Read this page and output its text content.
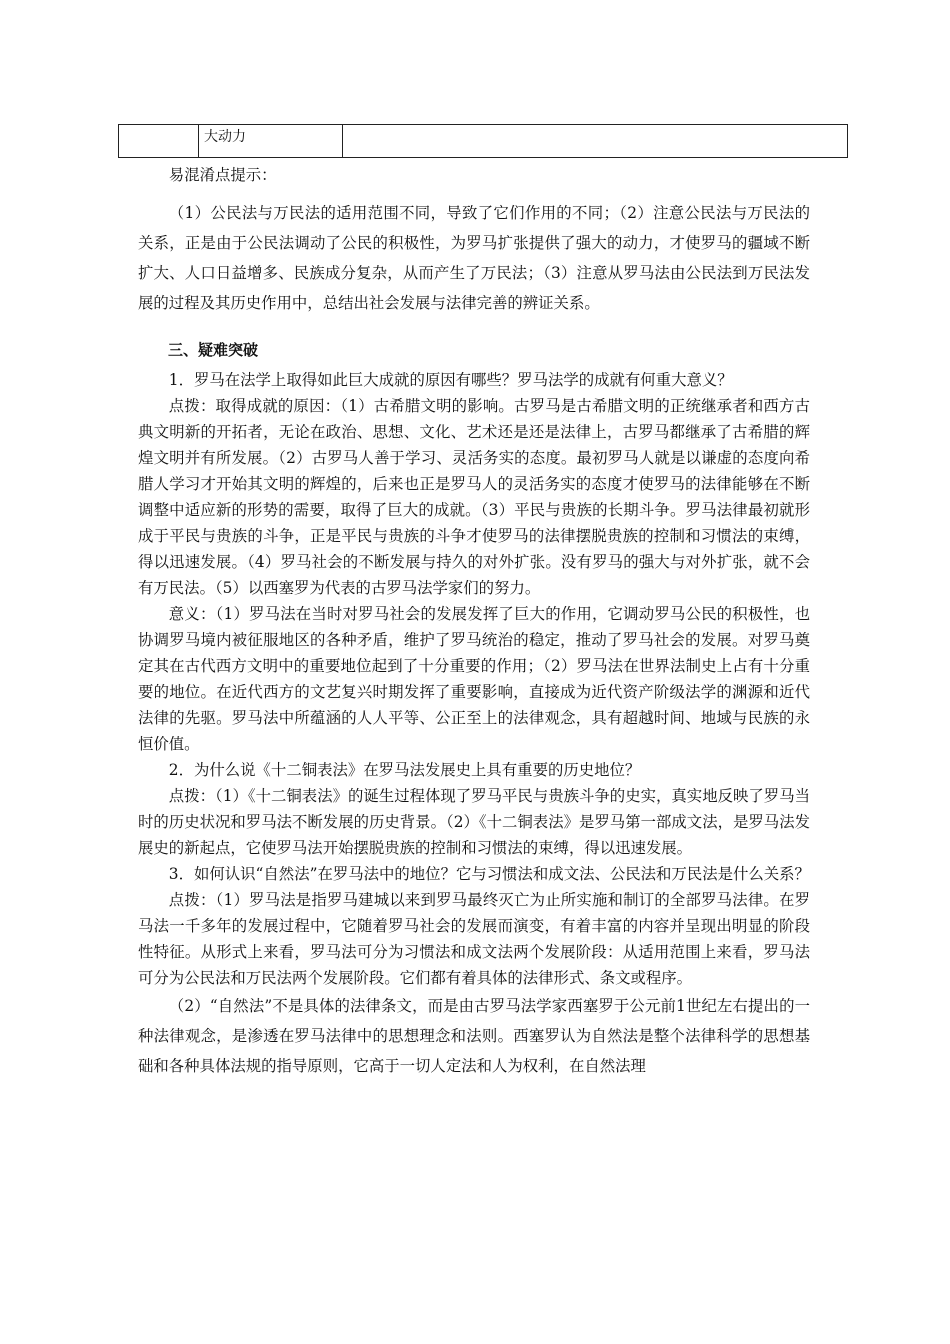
大动力

易混淆点提示：

（1）公民法与万民法的适用范围不同，导致了它们作用的不同；（2）注意公民法与万民法的关系，正是由于公民法调动了公民的积极性，为罗马扩张提供了强大的动力，才使罗马的疆域不断扩大、人口日益增多、民族成分复杂，从而产生了万民法；（3）注意从罗马法由公民法到万民法发展的过程及其历史作用中，总结出社会发展与法律完善的辨证关系。

三、疑难突破

1．罗马在法学上取得如此巨大成就的原因有哪些？罗马法学的成就有何重大意义？

点拨：取得成就的原因：（1）古希腊文明的影响。古罗马是古希腊文明的正统继承者和西方古典文明新的开拓者，无论在政治、思想、文化、艺术还是还是法律上，古罗马都继承了古希腊的辉煌文明并有所发展。（2）古罗马人善于学习、灵活务实的态度。最初罗马人就是以谦虚的态度向希腊人学习才开始其文明的辉煌的，后来也正是罗马人的灵活务实的态度才使罗马的法律能够在不断调整中适应新的形势的需要，取得了巨大的成就。（3）平民与贵族的长期斗争。罗马法律最初就形成于平民与贵族的斗争，正是平民与贵族的斗争才使罗马的法律摆脱贵族的控制和习惯法的束缚，得以迅速发展。（4）罗马社会的不断发展与持久的对外扩张。没有罗马的强大与对外扩张，就不会有万民法。（5）以西塞罗为代表的古罗马法学家们的努力。

意义：（1）罗马法在当时对罗马社会的发展发挥了巨大的作用，它调动罗马公民的积极性，也协调罗马境内被征服地区的各种矛盾，维护了罗马统治的稳定，推动了罗马社会的发展。对罗马奠定其在古代西方文明中的重要地位起到了十分重要的作用；（2）罗马法在世界法制史上占有十分重要的地位。在近代西方的文艺复兴时期发挥了重要影响，直接成为近代资产阶级法学的渊源和近代法律的先驱。罗马法中所蕴涵的人人平等、公正至上的法律观念，具有超越时间、地域与民族的永恒价值。

2．为什么说《十二铜表法》在罗马法发展史上具有重要的历史地位？

点拨：（1）《十二铜表法》的诞生过程体现了罗马平民与贵族斗争的史实，真实地反映了罗马当时的历史状况和罗马法不断发展的历史背景。（2）《十二铜表法》是罗马第一部成文法，是罗马法发展史的新起点，它使罗马法开始摆脱贵族的控制和习惯法的束缚，得以迅速发展。

3．如何认识“自然法”在罗马法中的地位？它与习惯法和成文法、公民法和万民法是什么关系？

点拨：（1）罗马法是指罗马建城以来到罗马最终灭亡为止所实施和制订的全部罗马法律。在罗马法一千多年的发展过程中，它随着罗马社会的发展而演变，有着丰富的内容并呈现出明显的阶段性特征。从形式上来看，罗马法可分为习惯法和成文法两个发展阶段：从适用范围上来看，罗马法可分为公民法和万民法两个发展阶段。它们都有着具体的法律形式、条文或程序。

（2）“自然法”不是具体的法律条文，而是由古罗马法学家西塞罗于公元前1世纪左右提出的一种法律观念，是渗透在罗马法律中的思想理念和法则。西塞罗认为自然法是整个法律科学的思想基础和各种具体法规的指导原则，它高于一切人定法和人为权利，在自然法理
